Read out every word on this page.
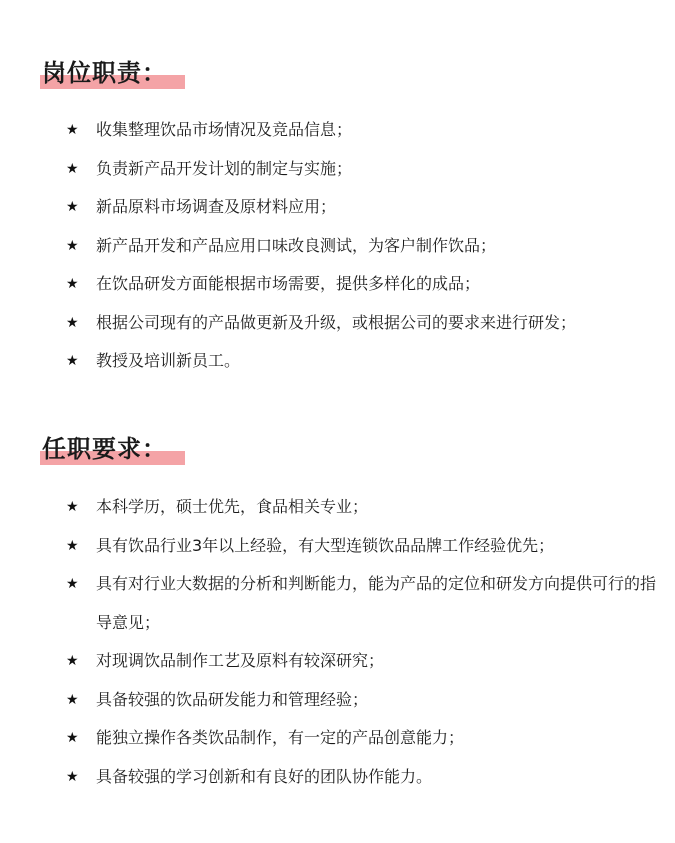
岗位职责：
★ 收集整理饮品市场情况及竞品信息；
★ 负责新产品开发计划的制定与实施；
★ 新品原料市场调查及原材料应用；
★ 新产品开发和产品应用口味改良测试，为客户制作饮品；
★ 在饮品研发方面能根据市场需要，提供多样化的成品；
★ 根据公司现有的产品做更新及升级，或根据公司的要求来进行研发；
★ 教授及培训新员工。
任职要求：
★ 本科学历，硕士优先，食品相关专业；
★ 具有饮品行业3年以上经验，有大型连锁饮品品牌工作经验优先；
★ 具有对行业大数据的分析和判断能力，能为产品的定位和研发方向提供可行的指导意见；
★ 对现调饮品制作工艺及原料有较深研究；
★ 具备较强的饮品研发能力和管理经验；
★ 能独立操作各类饮品制作，有一定的产品创意能力；
★ 具备较强的学习创新和有良好的团队协作能力。
